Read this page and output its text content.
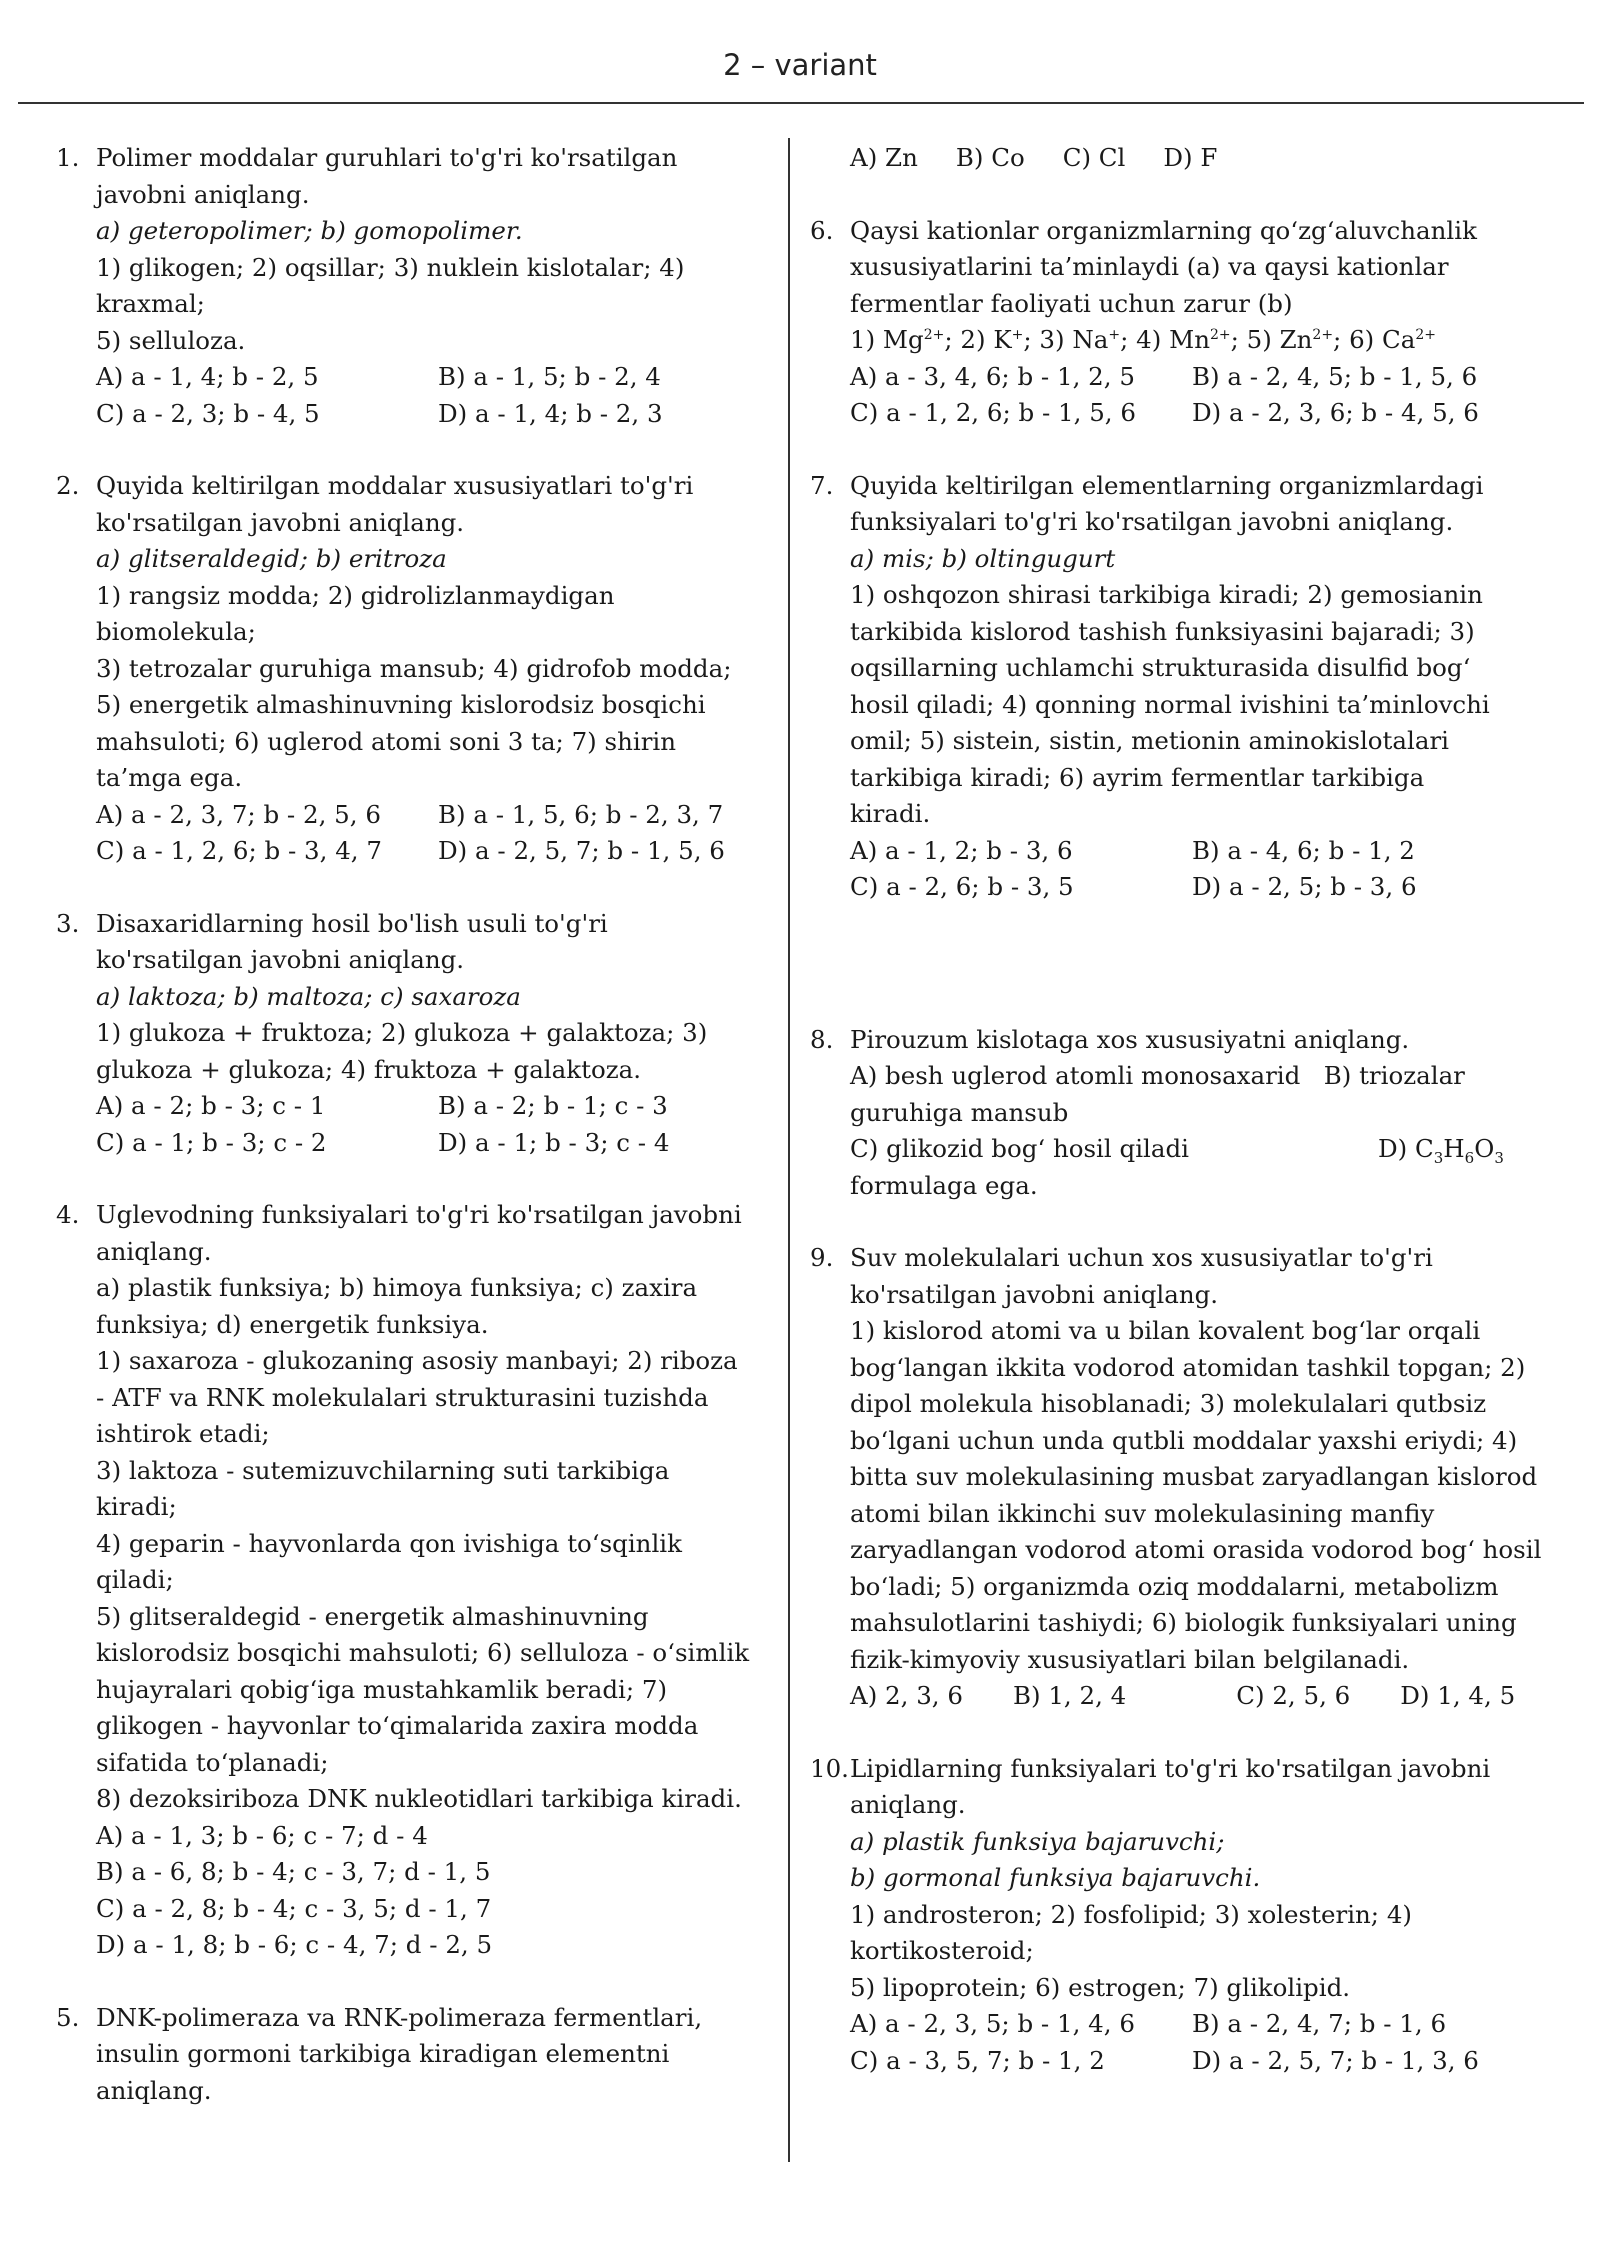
2 – variant
1. Polimer moddalar guruhlari to'g'ri ko'rsatilgan
javobni aniqlang.
a) geteropolimer; b) gomopolimer.
1) glikogen; 2) oqsillar; 3) nuklein kislotalar; 4)
kraxmal;
5) selluloza.
A) a - 1, 4; b - 2, 5	B) a - 1, 5; b - 2, 4
C) a - 2, 3; b - 4, 5	D) a - 1, 4; b - 2, 3
2. Quyida keltirilgan moddalar xususiyatlari to'g'ri
ko'rsatilgan javobni aniqlang.
a) glitseraldegid; b) eritroza
1) rangsiz modda; 2) gidrolizlanmaydigan
biomolekula;
3) tetrozalar guruhiga mansub; 4) gidrofob modda;
5) energetik almashinuvning kislorodsiz bosqichi
mahsuloti; 6) uglerod atomi soni 3 ta; 7) shirin
ta’mga ega.
A) a - 2, 3, 7; b - 2, 5, 6	B) a - 1, 5, 6; b - 2, 3, 7
C) a - 1, 2, 6; b - 3, 4, 7	D) a - 2, 5, 7; b - 1, 5, 6
3. Disaxaridlarning hosil bo'lish usuli to'g'ri
ko'rsatilgan javobni aniqlang.
a) laktoza; b) maltoza; c) saxaroza
1) glukoza + fruktoza; 2) glukoza + galaktoza; 3)
glukoza + glukoza; 4) fruktoza + galaktoza.
A) a - 2; b - 3; c - 1	B) a - 2; b - 1; c - 3
C) a - 1; b - 3; c - 2	D) a - 1; b - 3; c - 4
4. Uglevodning funksiyalari to'g'ri ko'rsatilgan javobni
aniqlang.
a) plastik funksiya; b) himoya funksiya; c) zaxira
funksiya; d) energetik funksiya.
1) saxaroza - glukozaning asosiy manbayi; 2) riboza
- ATF va RNK molekulalari strukturasini tuzishda
ishtirok etadi;
3) laktoza - sutemizuvchilarning suti tarkibiga
kiradi;
4) geparin - hayvonlarda qon ivishiga to‘sqinlik
qiladi;
5) glitseraldegid - energetik almashinuvning
kislorodsiz bosqichi mahsuloti; 6) selluloza - o‘simlik
hujayralari qobig‘iga mustahkamlik beradi; 7)
glikogen - hayvonlar to‘qimalarida zaxira modda
sifatida to‘planadi;
8) dezoksiriboza DNK nukleotidlari tarkibiga kiradi.
A) a - 1, 3; b - 6; c - 7; d - 4
B) a - 6, 8; b - 4; c - 3, 7; d - 1, 5
C) a - 2, 8; b - 4; c - 3, 5; d - 1, 7
D) a - 1, 8; b - 6; c - 4, 7; d - 2, 5
5. DNK-polimeraza va RNK-polimeraza fermentlari,
insulin gormoni tarkibiga kiradigan elementni
aniqlang.
A) Zn B) Co C) Cl D) F
6. Qaysi kationlar organizmlarning qo‘zg‘aluvchanlik
xususiyatlarini ta’minlaydi (a) va qaysi kationlar
fermentlar faoliyati uchun zarur (b)
1) $Mg^{2+}$; 2) K+; 3) Na+; 4) $Mn^{2+}$; 5) $Zn^{2+}$; 6) $Ca^{2+}$
A) a - 3, 4, 6; b - 1, 2, 5	B) a - 2, 4, 5; b - 1, 5, 6
C) a - 1, 2, 6; b - 1, 5, 6	D) a - 2, 3, 6; b - 4, 5, 6
7. Quyida keltirilgan elementlarning organizmlardagi
funksiyalari to'g'ri ko'rsatilgan javobni aniqlang.
a) mis; b) oltingugurt
1) oshqozon shirasi tarkibiga kiradi; 2) gemosianin
tarkibida kislorod tashish funksiyasini bajaradi; 3)
oqsillarning uchlamchi strukturasida disulfid bog‘
hosil qiladi; 4) qonning normal ivishini ta’minlovchi
omil; 5) sistein, sistin, metionin aminokislotalari
tarkibiga kiradi; 6) ayrim fermentlar tarkibiga
kiradi.
A) a - 1, 2; b - 3, 6	B) a - 4, 6; b - 1, 2
C) a - 2, 6; b - 3, 5	D) a - 2, 5; b - 3, 6
8. Pirouzum kislotaga xos xususiyatni aniqlang.
A) besh uglerod atomli monosaxarid B) triozalar
guruhiga mansub
C) glikozid bog‘ hosil qiladi	D) $C_3H_6O_3$
formulaga ega.
9. Suv molekulalari uchun xos xususiyatlar to'g'ri
ko'rsatilgan javobni aniqlang.
1) kislorod atomi va u bilan kovalent bog‘lar orqali
bog‘langan ikkita vodorod atomidan tashkil topgan; 2)
dipol molekula hisoblanadi; 3) molekulalari qutbsiz
bo‘lgani uchun unda qutbli moddalar yaxshi eriydi; 4)
bitta suv molekulasining musbat zaryadlangan kislorod
atomi bilan ikkinchi suv molekulasining manfiy
zaryadlangan vodorod atomi orasida vodorod bog‘ hosil
bo‘ladi; 5) organizmda oziq moddalarni, metabolizm
mahsulotlarini tashiydi; 6) biologik funksiyalari uning
fizik-kimyoviy xususiyatlari bilan belgilanadi.
A) 2, 3, 6 B) 1, 2, 4	C) 2, 5, 6 D) 1, 4, 5
10. Lipidlarning funksiyalari to'g'ri ko'rsatilgan javobni
aniqlang.
a) plastik funksiya bajaruvchi;
b) gormonal funksiya bajaruvchi.
1) androsteron; 2) fosfolipid; 3) xolesterin; 4)
kortikosteroid;
5) lipoprotein; 6) estrogen; 7) glikolipid.
A) a - 2, 3, 5; b - 1, 4, 6	B) a - 2, 4, 7; b - 1, 6
C) a - 3, 5, 7; b - 1, 2	D) a - 2, 5, 7; b - 1, 3, 6
